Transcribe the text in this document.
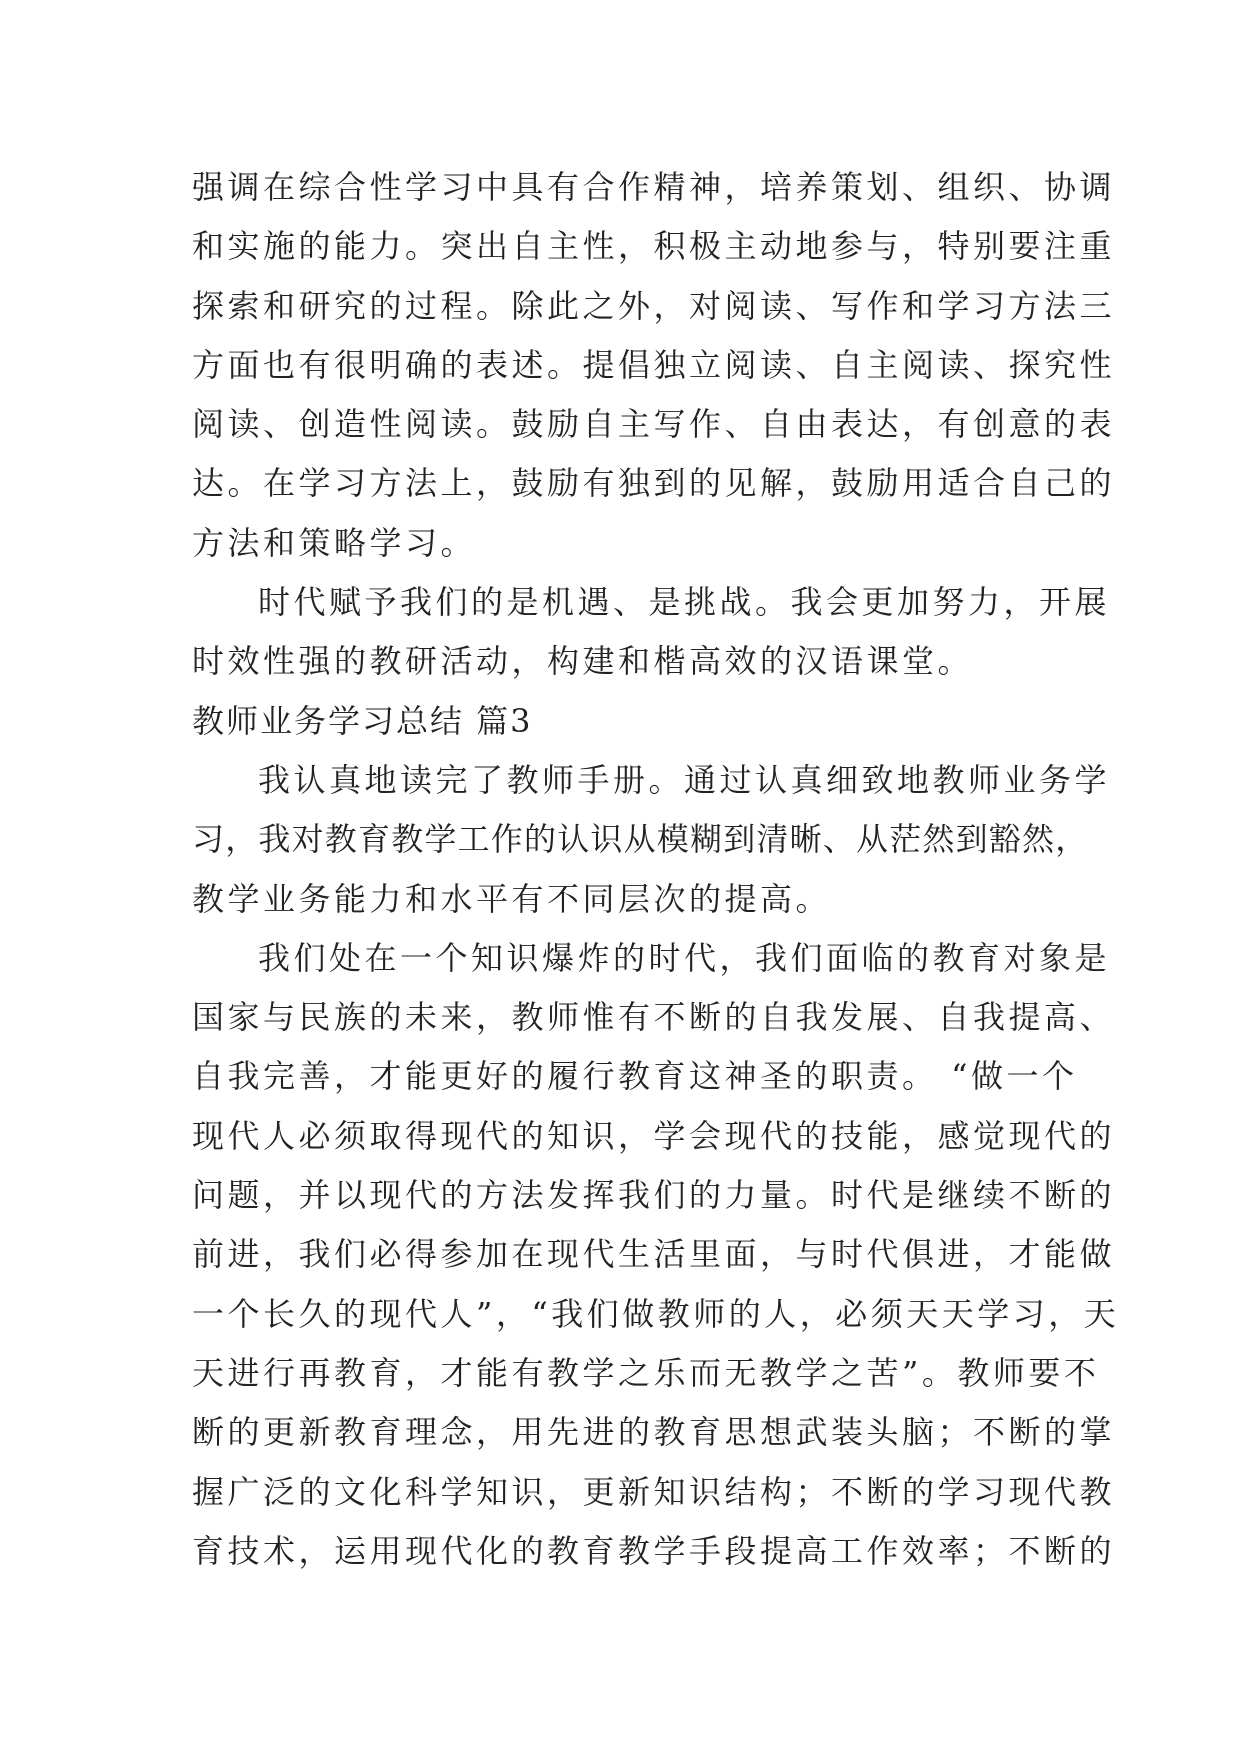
强调在综合性学习中具有合作精神，培养策划、组织、协调
和实施的能力。突出自主性，积极主动地参与，特别要注重
探索和研究的过程。除此之外，对阅读、写作和学习方法三
方面也有很明确的表述。提倡独立阅读、自主阅读、探究性
阅读、创造性阅读。鼓励自主写作、自由表达，有创意的表
达。在学习方法上，鼓励有独到的见解，鼓励用适合自己的
方法和策略学习。
时代赋予我们的是机遇、是挑战。我会更加努力，开展
时效性强的教研活动，构建和楷高效的汉语课堂。
教师业务学习总结 篇3
我认真地读完了教师手册。通过认真细致地教师业务学
习，我对教育教学工作的认识从模糊到清晰、从茫然到豁然，
教学业务能力和水平有不同层次的提高。
我们处在一个知识爆炸的时代，我们面临的教育对象是
国家与民族的未来，教师惟有不断的自我发展、自我提高、
自我完善，才能更好的履行教育这神圣的职责。 “做一个
现代人必须取得现代的知识，学会现代的技能，感觉现代的
问题，并以现代的方法发挥我们的力量。时代是继续不断的
前进，我们必得参加在现代生活里面，与时代俱进，才能做
一个长久的现代人”，“我们做教师的人，必须天天学习，天
天进行再教育，才能有教学之乐而无教学之苦”。教师要不
断的更新教育理念，用先进的教育思想武装头脑；不断的掌
握广泛的文化科学知识，更新知识结构；不断的学习现代教
育技术，运用现代化的教育教学手段提高工作效率；不断的
